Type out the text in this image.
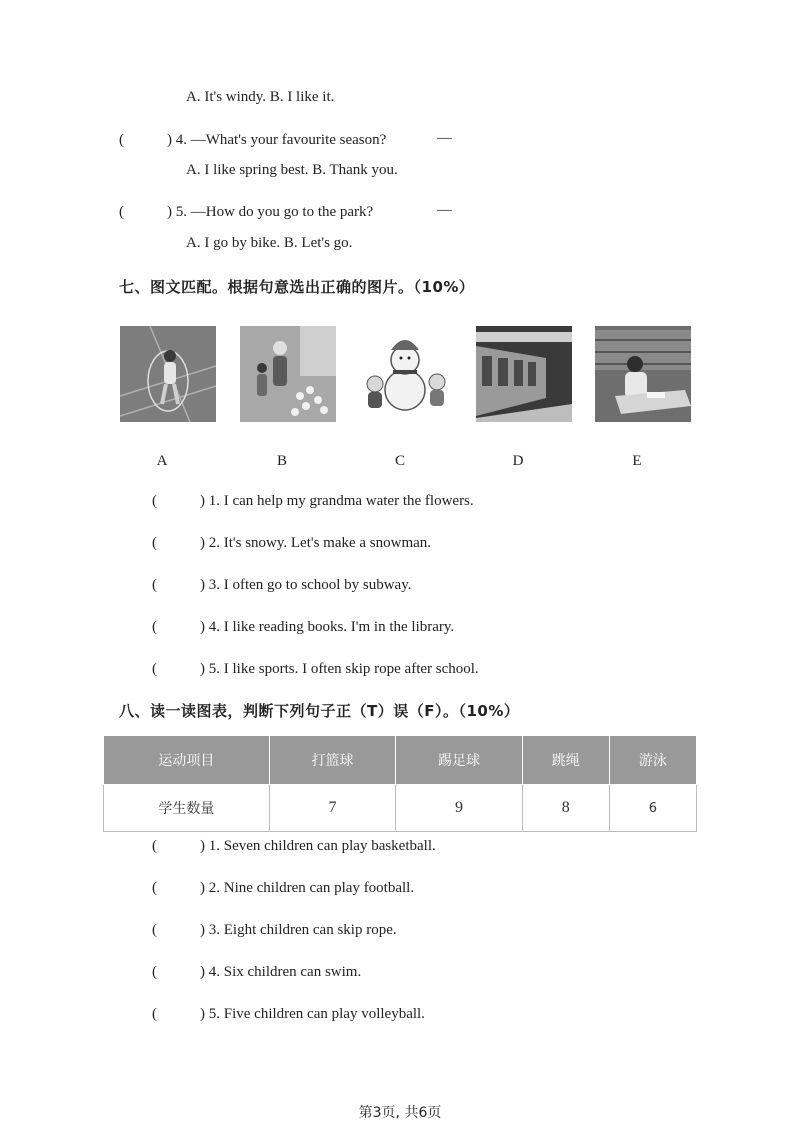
A. It's windy. B. I like it.
(	) 4. —What's your favourite season?	—
A. I like spring best. B. Thank you.
(	) 5. —How do you go to the park?	—
A. I go by bike. B. Let's go.
七、图文匹配。根据句意选出正确的图片。（10%）
A	B	C	D	E
(	) 1. I can help my grandma water the flowers.
(	) 2. It's snowy. Let's make a snowman.
(	) 3. I often go to school by subway.
(	) 4. I like reading books. I'm in the library.
(	) 5. I like sports. I often skip rope after school.
八、读一读图表，判断下列句子正（T）误（F）。（10%）
运动项目	打篮球	踢足球	跳绳	游泳
学生数量	7	9	8	6
(	) 1. Seven children can play basketball.
(	) 2. Nine children can play football.
(	) 3. Eight children can skip rope.
(	) 4. Six children can swim.
(	) 5. Five children can play volleyball.
第3页, 共6页
